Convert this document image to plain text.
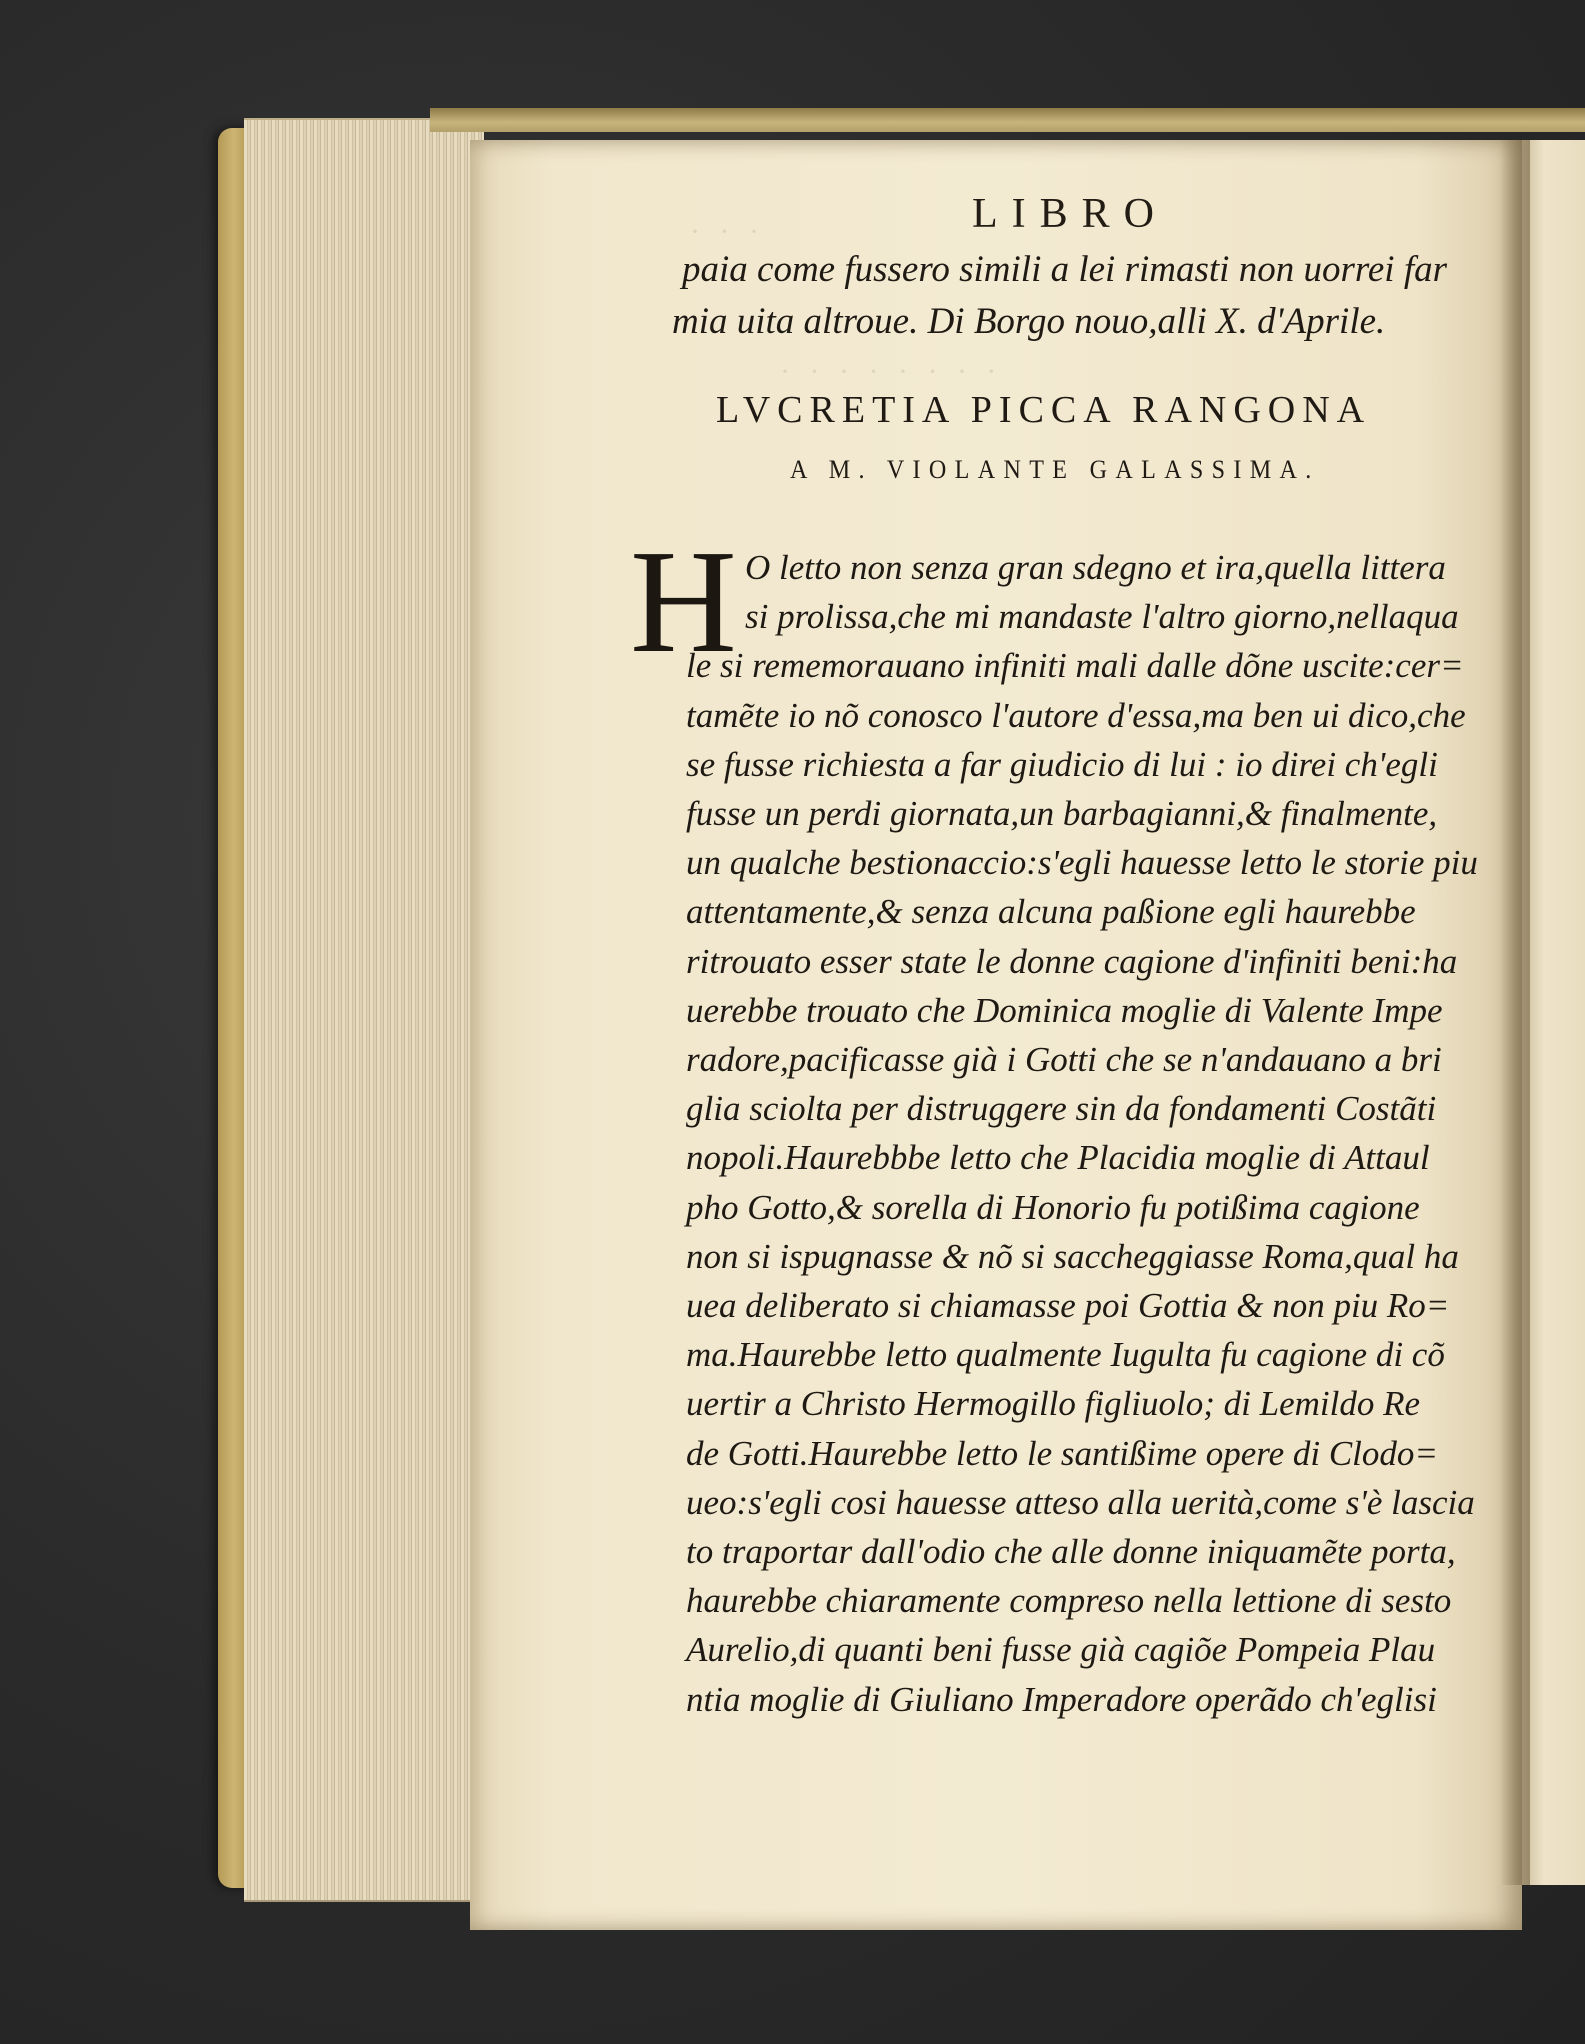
· · ·
· · · · · · · ·
LIBRO
paia come fussero simili a lei rimasti non uorrei far
mia uita altroue. Di Borgo nouo,alli X. d'Aprile.
LVCRETIA PICCA RANGONA
A M. VIOLANTE GALASSIMA.
H O letto non senza gran sdegno et ira,quella littera
si prolissa,che mi mandaste l'altro giorno,nellaqua
le si rememorauano infiniti mali dalle dõne uscite:cer=
tamẽte io nõ conosco l'autore d'essa,ma ben ui dico,che
se fusse richiesta a far giudicio di lui : io direi ch'egli
fusse un perdi giornata,un barbagianni,& finalmente,
un qualche bestionaccio:s'egli hauesse letto le storie piu
attentamente,& senza alcuna paßione egli haurebbe
ritrouato esser state le donne cagione d'infiniti beni:ha
uerebbe trouato che Dominica moglie di Valente Impe
radore,pacificasse già i Gotti che se n'andauano a bri
glia sciolta per distruggere sin da fondamenti Costãti
nopoli.Haurebbbe letto che Placidia moglie di Attaul
pho Gotto,& sorella di Honorio fu potißima cagione
non si ispugnasse & nõ si saccheggiasse Roma,qual ha
uea deliberato si chiamasse poi Gottia & non piu Ro=
ma.Haurebbe letto qualmente Iugulta fu cagione di cõ
uertir a Christo Hermogillo figliuolo; di Lemildo Re
de Gotti.Haurebbe letto le santißime opere di Clodo=
ueo:s'egli cosi hauesse atteso alla uerità,come s'è lascia
to traportar dall'odio che alle donne iniquamẽte porta,
haurebbe chiaramente compreso nella lettione di sesto
Aurelio,di quanti beni fusse già cagiõe Pompeia Plau
ntia moglie di Giuliano Imperadore operãdo ch'eglisi
